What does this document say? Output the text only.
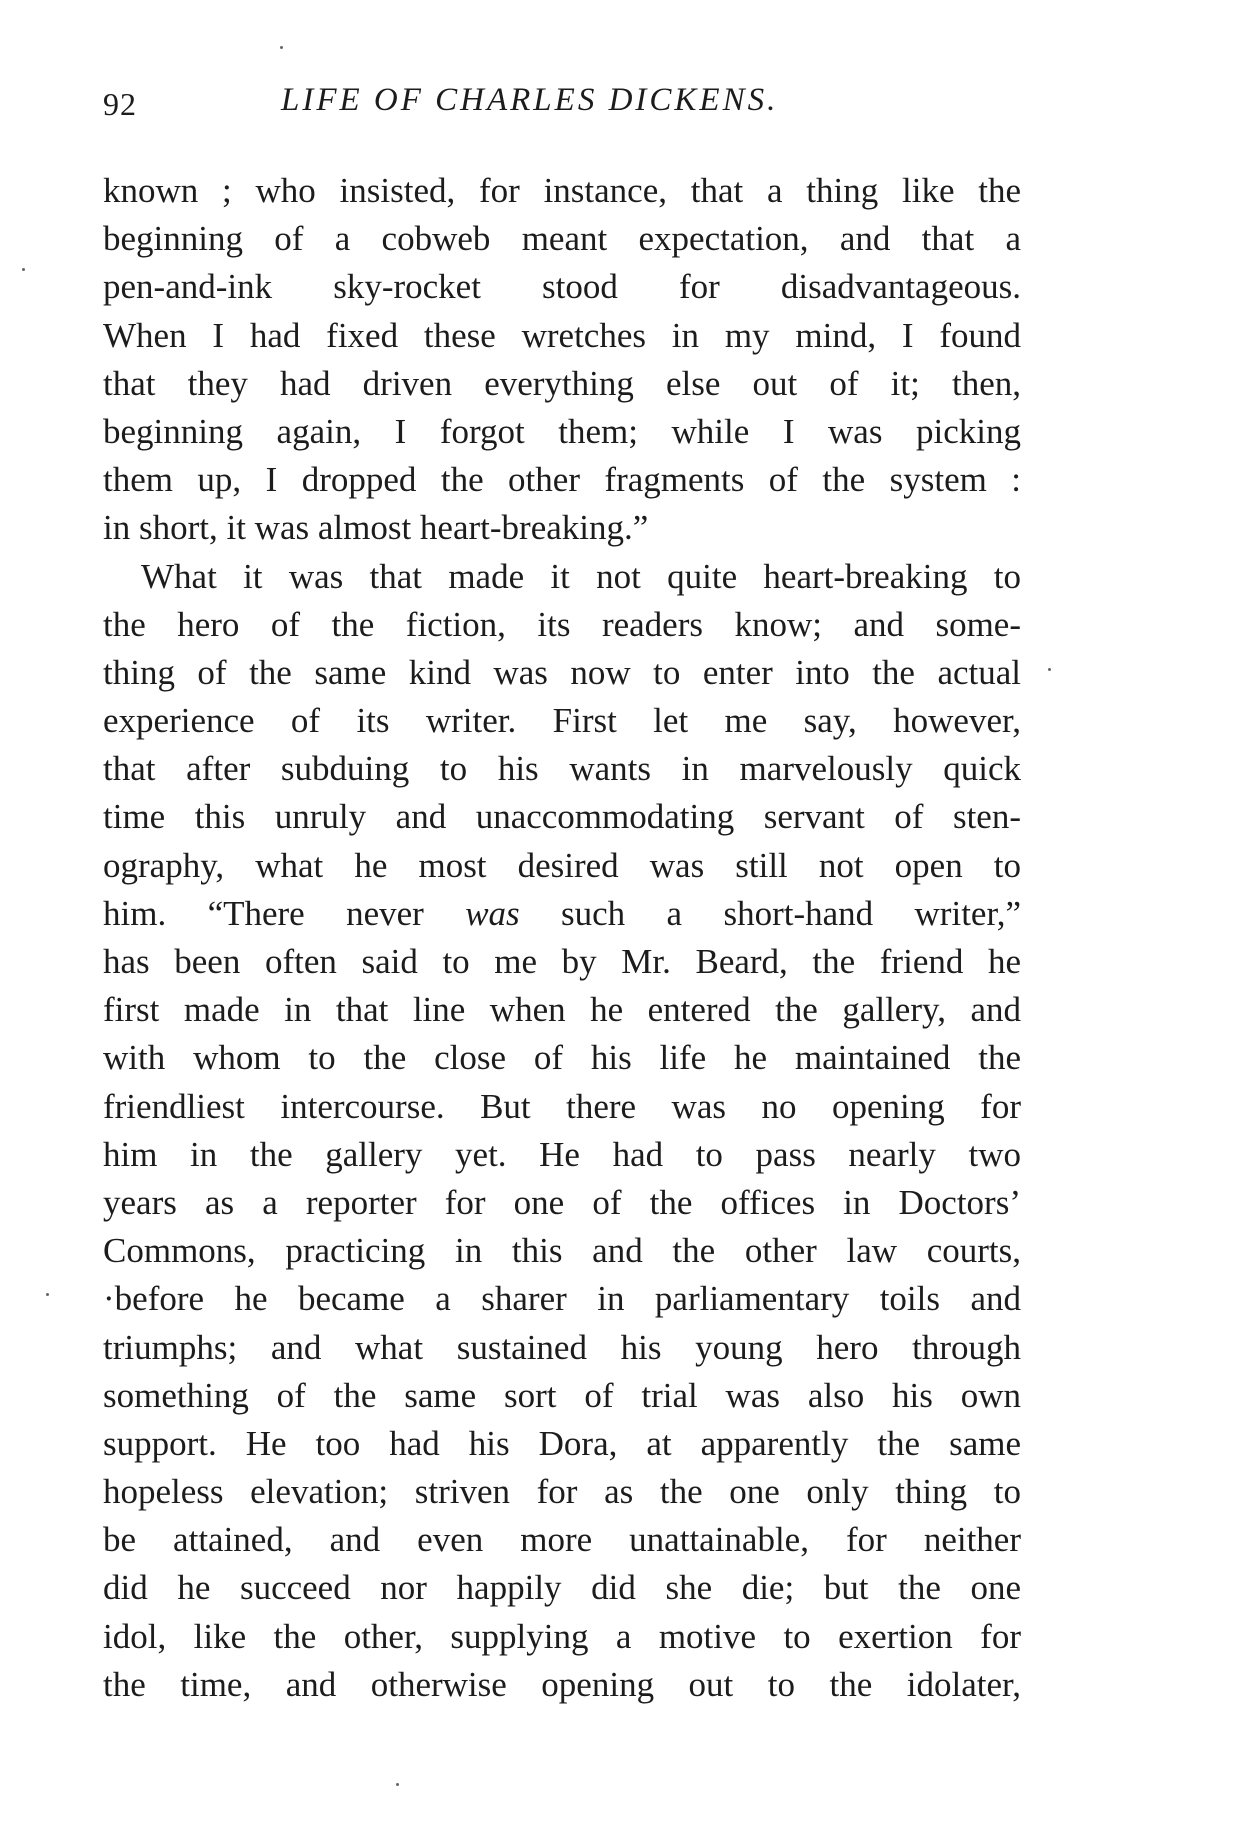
92	LIFE OF CHARLES DICKENS.
known ; who insisted, for instance, that a thing like the
beginning of a cobweb meant expectation, and that a
pen-and-ink sky-rocket stood for disadvantageous.
When I had fixed these wretches in my mind, I found
that they had driven everything else out of it; then,
beginning again, I forgot them; while I was picking
them up, I dropped the other fragments of the system :
in short, it was almost heart-breaking.”
What it was that made it not quite heart-breaking to
the hero of the fiction, its readers know; and some-
thing of the same kind was now to enter into the actual
experience of its writer. First let me say, however,
that after subduing to his wants in marvelously quick
time this unruly and unaccommodating servant of sten-
ography, what he most desired was still not open to
him. “There never was such a short-hand writer,”
has been often said to me by Mr. Beard, the friend he
first made in that line when he entered the gallery, and
with whom to the close of his life he maintained the
friendliest intercourse. But there was no opening for
him in the gallery yet. He had to pass nearly two
years as a reporter for one of the offices in Doctors’
Commons, practicing in this and the other law courts,
·before he became a sharer in parliamentary toils and
triumphs; and what sustained his young hero through
something of the same sort of trial was also his own
support. He too had his Dora, at apparently the same
hopeless elevation; striven for as the one only thing to
be attained, and even more unattainable, for neither
did he succeed nor happily did she die; but the one
idol, like the other, supplying a motive to exertion for
the time, and otherwise opening out to the idolater,
